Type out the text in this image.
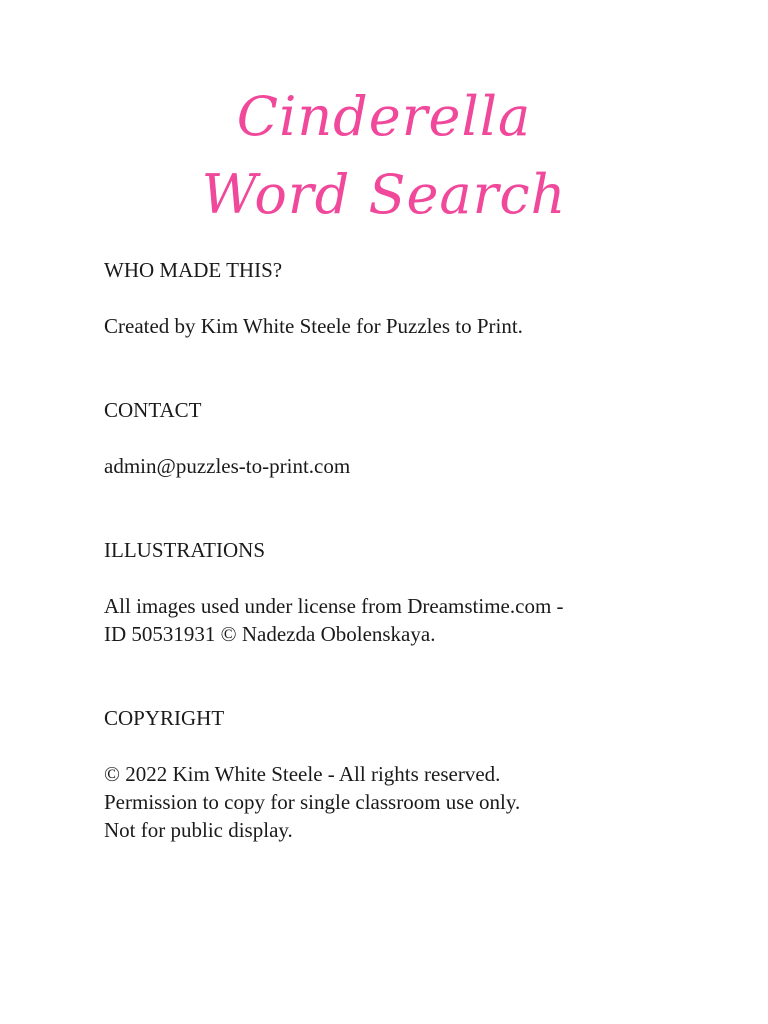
Cinderella
Word Search
WHO MADE THIS?

Created by Kim White Steele for Puzzles to Print.

CONTACT

admin@puzzles-to-print.com

ILLUSTRATIONS

All images used under license from Dreamstime.com -
ID 50531931 © Nadezda Obolenskaya.

COPYRIGHT

© 2022 Kim White Steele - All rights reserved.
Permission to copy for single classroom use only.
Not for public display.
